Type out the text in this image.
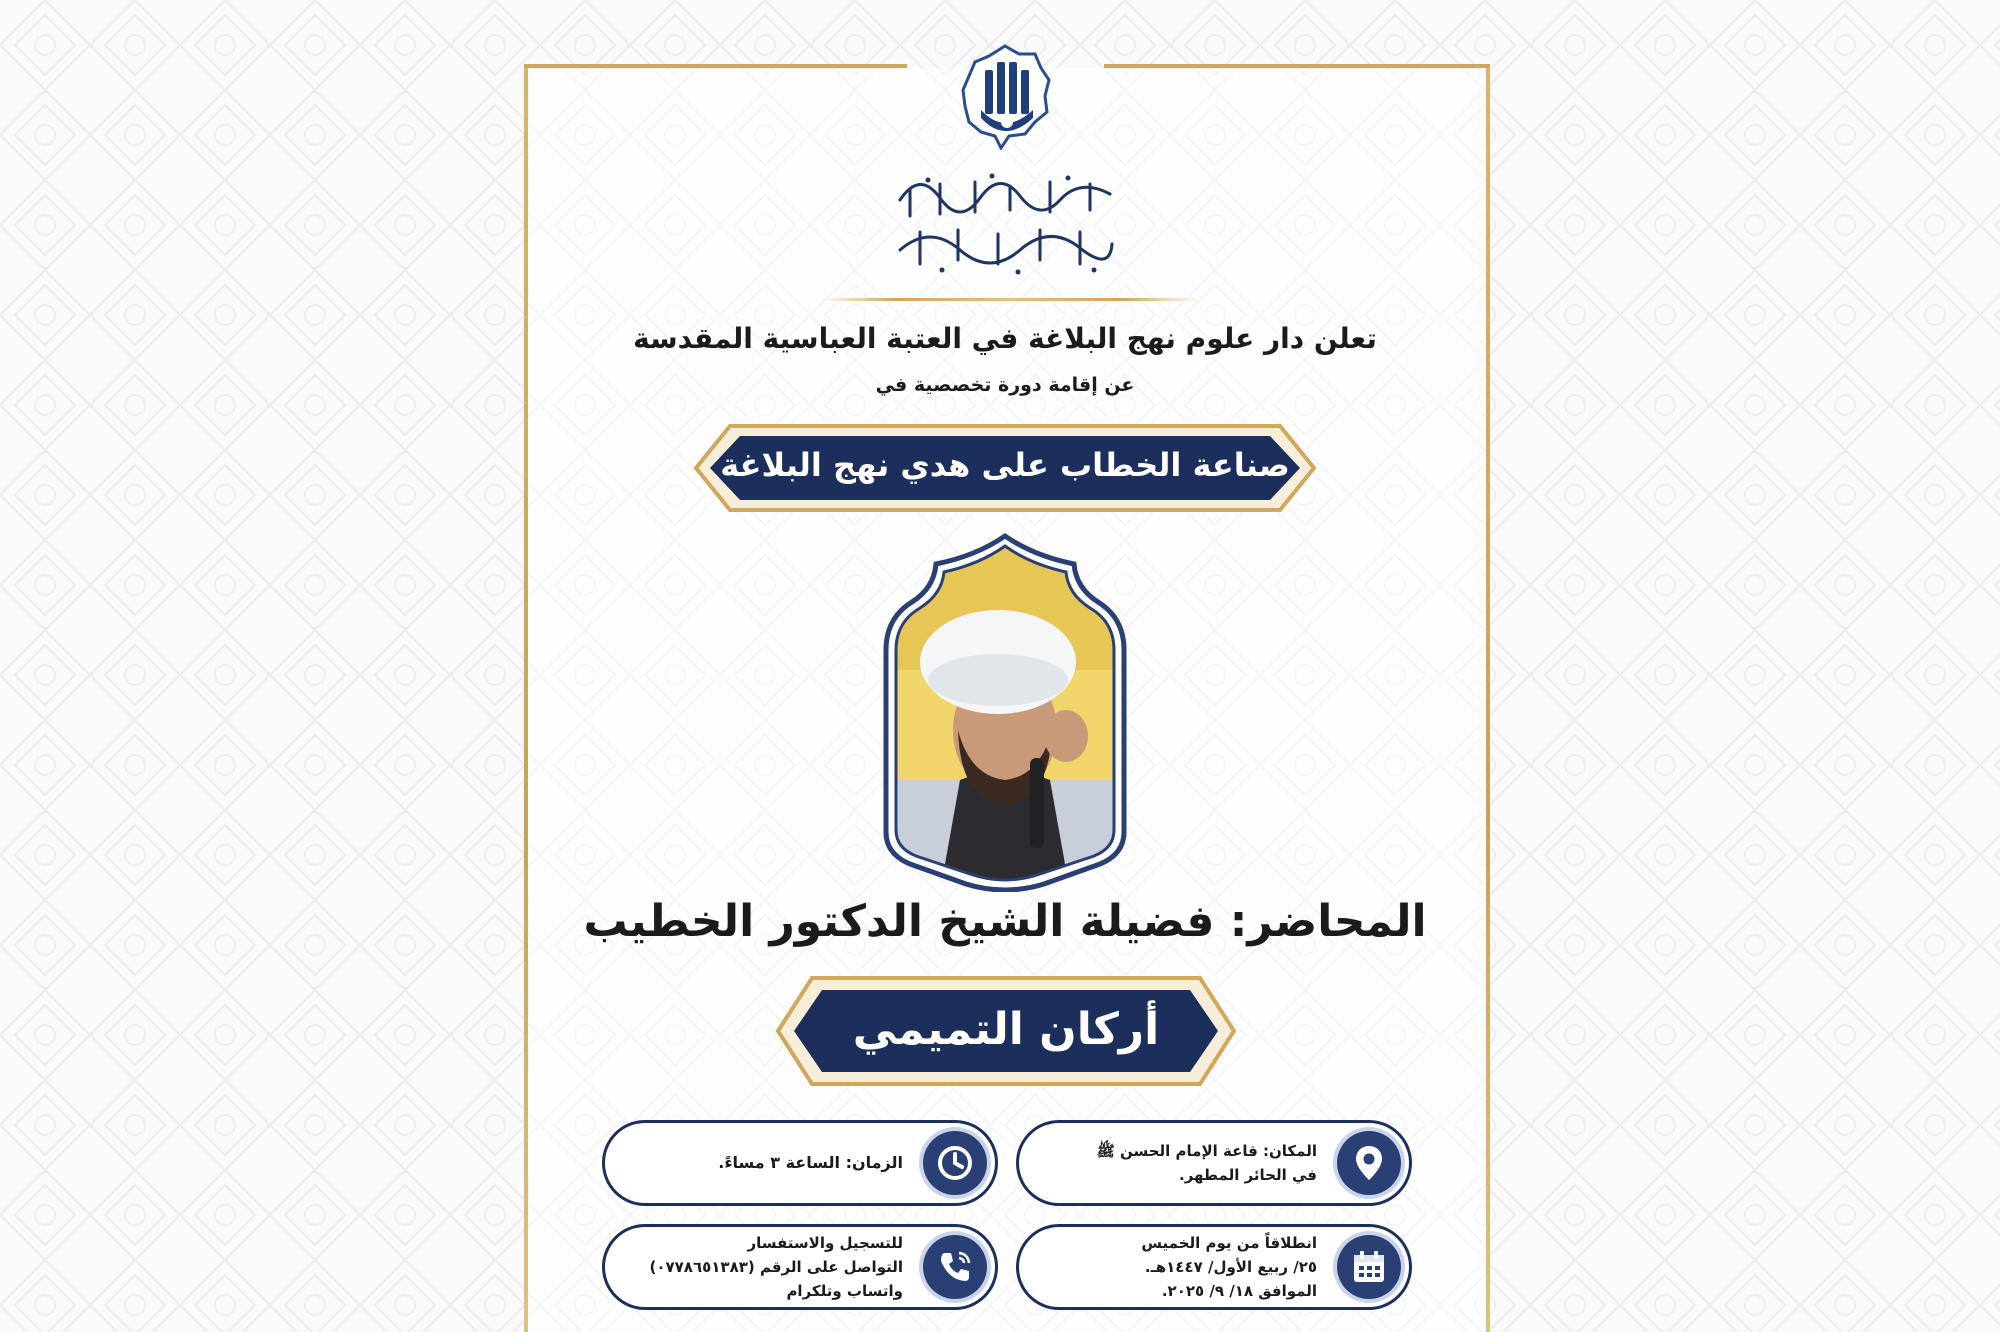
تعلن دار علوم نهج البلاغة في العتبة العباسية المقدسة
عن إقامة دورة تخصصية في
صناعة الخطاب على هدي نهج البلاغة
المحاضر: فضيلة الشيخ الدكتور الخطيب
أركان التميمي
المكان: قاعة الإمام الحسن ﷺ
في الحائر المطهر.
الزمان: الساعة ٣ مساءً.
انطلاقاً من يوم الخميس
٢٥/ ربيع الأول/ ١٤٤٧هـ.
الموافق ١٨/ ٩/ ٢٠٢٥.
للتسجيل والاستفسار
التواصل على الرقم (٠٧٧٨٦٥١٣٨٣)
واتساب وتلكرام
